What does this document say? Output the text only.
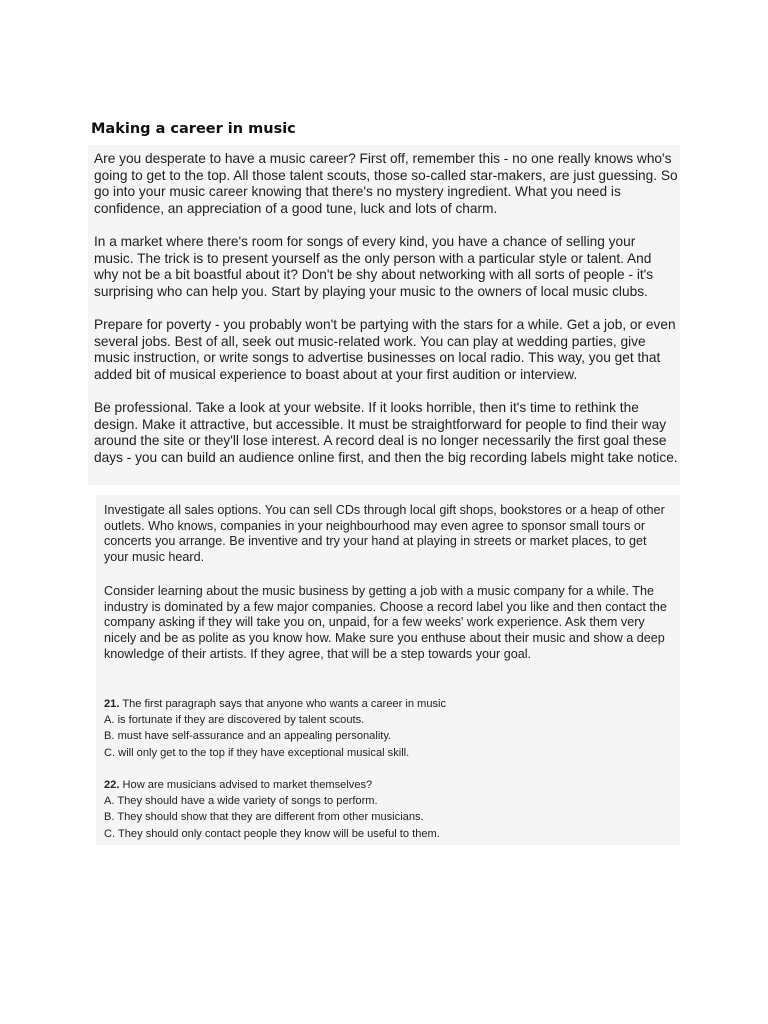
Making a career in music

Are you desperate to have a music career? First off, remember this - no one really knows who's going to get to the top. All those talent scouts, those so-called star-makers, are just guessing. So go into your music career knowing that there's no mystery ingredient. What you need is confidence, an appreciation of a good tune, luck and lots of charm.

In a market where there's room for songs of every kind, you have a chance of selling your music. The trick is to present yourself as the only person with a particular style or talent. And why not be a bit boastful about it? Don't be shy about networking with all sorts of people - it's surprising who can help you. Start by playing your music to the owners of local music clubs.

Prepare for poverty - you probably won't be partying with the stars for a while. Get a job, or even several jobs. Best of all, seek out music-related work. You can play at wedding parties, give music instruction, or write songs to advertise businesses on local radio. This way, you get that added bit of musical experience to boast about at your first audition or interview.

Be professional. Take a look at your website. If it looks horrible, then it's time to rethink the design. Make it attractive, but accessible. It must be straightforward for people to find their way around the site or they'll lose interest. A record deal is no longer necessarily the first goal these days - you can build an audience online first, and then the big recording labels might take notice.

Investigate all sales options. You can sell CDs through local gift shops, bookstores or a heap of other outlets. Who knows, companies in your neighbourhood may even agree to sponsor small tours or concerts you arrange. Be inventive and try your hand at playing in streets or market places, to get your music heard.

Consider learning about the music business by getting a job with a music company for a while. The industry is dominated by a few major companies. Choose a record label you like and then contact the company asking if they will take you on, unpaid, for a few weeks' work experience. Ask them very nicely and be as polite as you know how. Make sure you enthuse about their music and show a deep knowledge of their artists. If they agree, that will be a step towards your goal.

21. The first paragraph says that anyone who wants a career in music
A. is fortunate if they are discovered by talent scouts.
B. must have self-assurance and an appealing personality.
C. will only get to the top if they have exceptional musical skill.
22. How are musicians advised to market themselves?
A. They should have a wide variety of songs to perform.
B. They should show that they are different from other musicians.
C. They should only contact people they know will be useful to them.
